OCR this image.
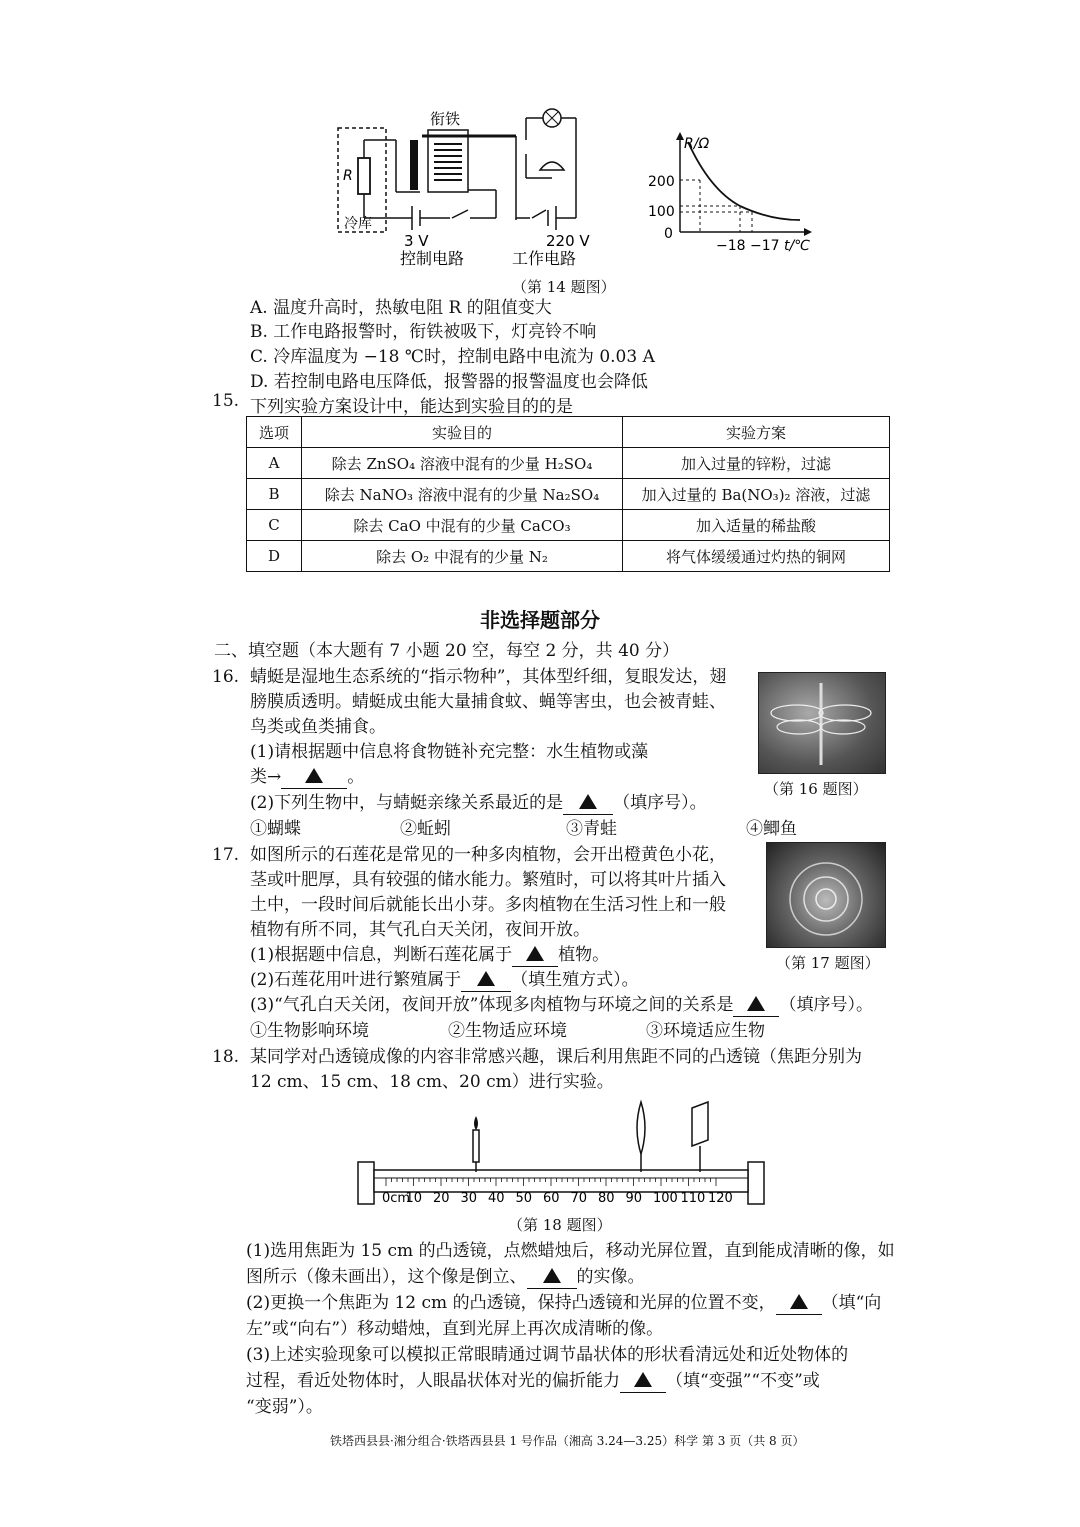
衔铁
R
冷库
3 V
控制电路
220 V
工作电路
R/Ω
200
100
0
−18 −17 t/℃
（第 14 题图）
A. 温度升高时，热敏电阻 R 的阻值变大
B. 工作电路报警时，衔铁被吸下，灯亮铃不响
C. 冷库温度为 −18 ℃时，控制电路中电流为 0.03 A
D. 若控制电路电压降低，报警器的报警温度也会降低
15. 下列实验方案设计中，能达到实验目的的是
选项	实验目的	实验方案
A	除去 ZnSO₄ 溶液中混有的少量 H₂SO₄	加入过量的锌粉，过滤
B	除去 NaNO₃ 溶液中混有的少量 Na₂SO₄	加入过量的 Ba(NO₃)₂ 溶液，过滤
C	除去 CaO 中混有的少量 CaCO₃	加入适量的稀盐酸
D	除去 O₂ 中混有的少量 N₂	将气体缓缓通过灼热的铜网
非选择题部分
二、填空题（本大题有 7 小题 20 空，每空 2 分，共 40 分）
16. 蜻蜓是湿地生态系统的“指示物种”，其体型纤细，复眼发达，翅
膀膜质透明。蜻蜓成虫能大量捕食蚊、蝇等害虫，也会被青蛙、
鸟类或鱼类捕食。
(1)请根据题中信息将食物链补充完整：水生植物或藻
类→	。
(2)下列生物中，与蜻蜓亲缘关系最近的是	（填序号）。
①蝴蝶	②蚯蚓	③青蛙	④鲫鱼
（第 16 题图）
17. 如图所示的石莲花是常见的一种多肉植物，会开出橙黄色小花，
茎或叶肥厚，具有较强的储水能力。繁殖时，可以将其叶片插入
土中，一段时间后就能长出小芽。多肉植物在生活习性上和一般
植物有所不同，其气孔白天关闭，夜间开放。
(1)根据题中信息，判断石莲花属于	植物。
(2)石莲花用叶进行繁殖属于	（填生殖方式）。
(3)“气孔白天关闭，夜间开放”体现多肉植物与环境之间的关系是	（填序号）。
①生物影响环境	②生物适应环境	③环境适应生物
（第 17 题图）
18. 某同学对凸透镜成像的内容非常感兴趣，课后利用焦距不同的凸透镜（焦距分别为
12 cm、15 cm、18 cm、20 cm）进行实验。
0cm
10 20 30 40 50 60 70 80 90 100 110 120
（第 18 题图）
(1)选用焦距为 15 cm 的凸透镜，点燃蜡烛后，移动光屏位置，直到能成清晰的像，如
图所示（像未画出），这个像是倒立、	的实像。
(2)更换一个焦距为 12 cm 的凸透镜，保持凸透镜和光屏的位置不变，	（填“向
左”或“向右”）移动蜡烛，直到光屏上再次成清晰的像。
(3)上述实验现象可以模拟正常眼睛通过调节晶状体的形状看清远处和近处物体的
过程，看近处物体时，人眼晶状体对光的偏折能力	（填“变强”“不变”或
“变弱”）。
铁塔西县县·湘分组合·铁塔西县县 1 号作品（湘高 3.24—3.25）科学 第 3 页（共 8 页）
